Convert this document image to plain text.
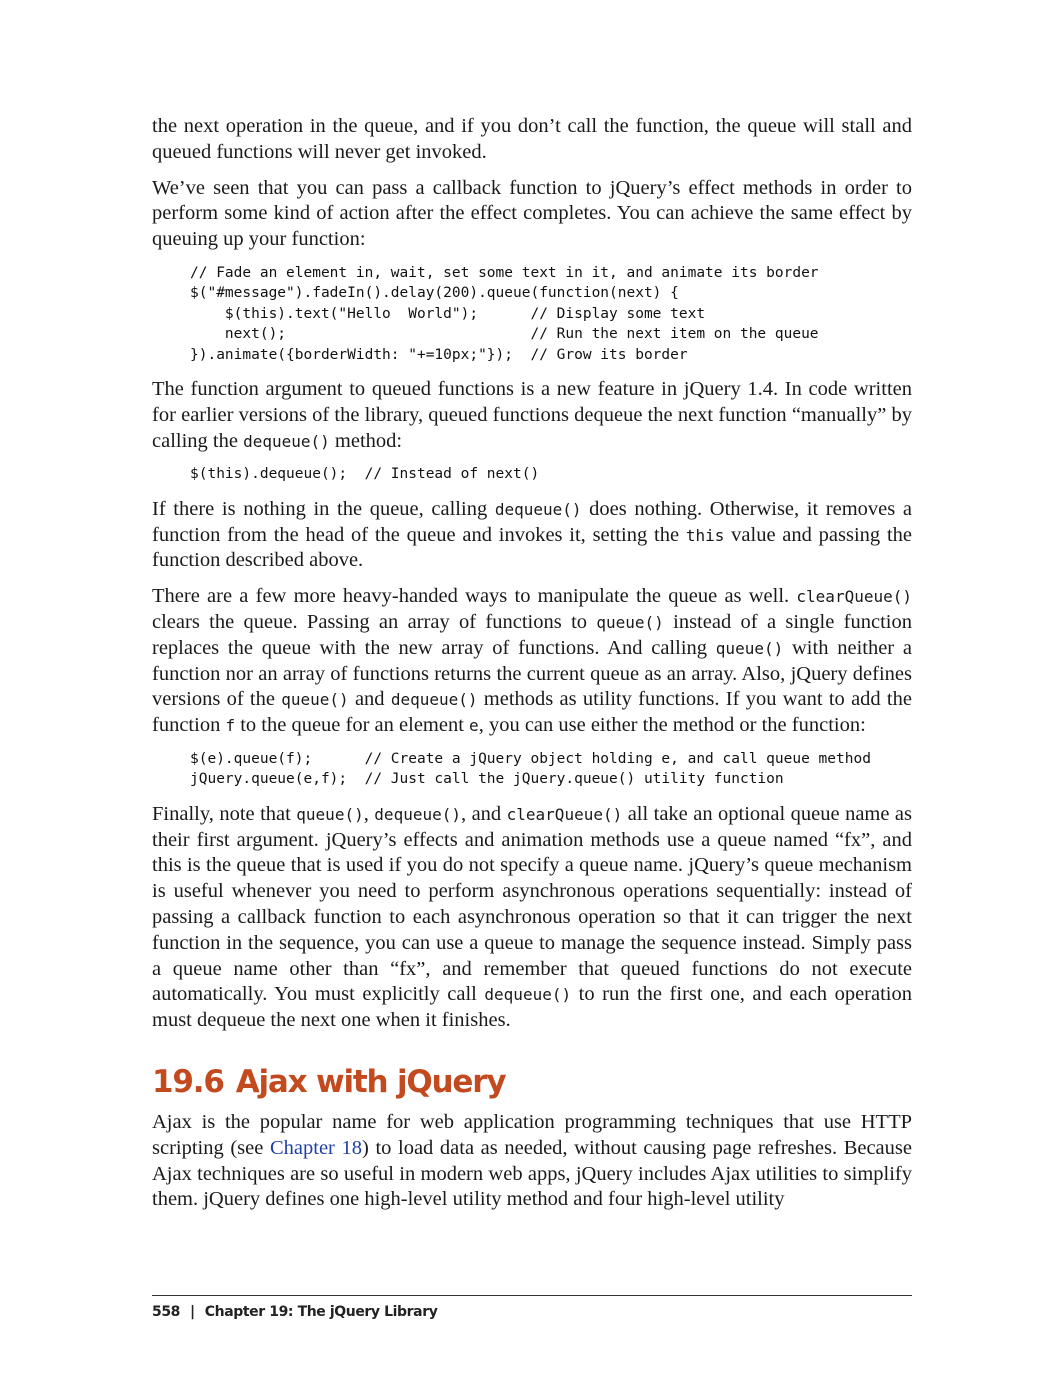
the next operation in the queue, and if you don’t call the function, the queue will stall and queued functions will never get invoked.

We’ve seen that you can pass a callback function to jQuery’s effect methods in order to perform some kind of action after the effect completes. You can achieve the same effect by queuing up your function:

// Fade an element in, wait, set some text in it, and animate its border
$("#message").fadeIn().delay(200).queue(function(next) {
$(this).text("Hello  World");      // Display some text
next();                            // Run the next item on the queue
}).animate({borderWidth: "+=10px;"});  // Grow its border

The function argument to queued functions is a new feature in jQuery 1.4. In code written for earlier versions of the library, queued functions dequeue the next function “manually” by calling the dequeue() method:

$(this).dequeue();  // Instead of next()

If there is nothing in the queue, calling dequeue() does nothing. Otherwise, it removes a function from the head of the queue and invokes it, setting the this value and passing the function described above.

There are a few more heavy-handed ways to manipulate the queue as well. clearQueue() clears the queue. Passing an array of functions to queue() instead of a single function replaces the queue with the new array of functions. And calling queue() with neither a function nor an array of functions returns the current queue as an array. Also, jQuery defines versions of the queue() and dequeue() methods as utility functions. If you want to add the function f to the queue for an element e, you can use either the method or the function:

$(e).queue(f);      // Create a jQuery object holding e, and call queue method
jQuery.queue(e,f);  // Just call the jQuery.queue() utility function

Finally, note that queue(), dequeue(), and clearQueue() all take an optional queue name as their first argument. jQuery’s effects and animation methods use a queue named “fx”, and this is the queue that is used if you do not specify a queue name. jQuery’s queue mechanism is useful whenever you need to perform asynchronous operations sequentially: instead of passing a callback function to each asynchronous operation so that it can trigger the next function in the sequence, you can use a queue to manage the sequence instead. Simply pass a queue name other than “fx”, and remember that queued functions do not execute automatically. You must explicitly call dequeue() to run the first one, and each operation must dequeue the next one when it finishes.

19.6 Ajax with jQuery

Ajax is the popular name for web application programming techniques that use HTTP scripting (see Chapter 18) to load data as needed, without causing page refreshes. Because Ajax techniques are so useful in modern web apps, jQuery includes Ajax utilities to simplify them. jQuery defines one high-level utility method and four high-level utility

558 | Chapter 19: The jQuery Library
